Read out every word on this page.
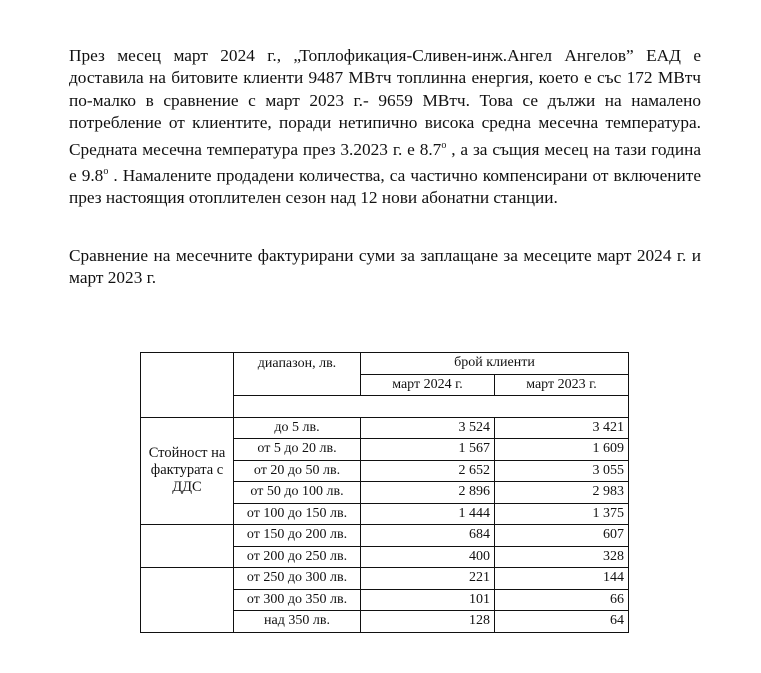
През месец март 2024 г., „Топлофикация-Сливен-инж.Ангел Ангелов” ЕАД е доставила на битовите клиенти 9487 МВтч топлинна енергия, което е със 172 МВтч по-малко в сравнение с март 2023 г.- 9659 МВтч. Това се дължи на намалено потребление от клиентите, поради нетипично висока средна месечна температура. Средната месечна температура през 3.2023 г. е $8.7^о$ , а за същия месец на тази година е $9.8^о$ . Намалените продадени количества, са частично компенсирани от включените през настоящия отоплителен сезон над 12 нови абонатни станции.

Сравнение на месечните фактурирани суми за заплащане за месеците март 2024 г. и март 2023 г.

	диапазон, лв.	брой клиенти	
		март 2024 г.	март 2023 г.

Стойност на фактурата с ДДС	до 5 лв.	3 524	3 421
	от 5 до 20 лв.	1 567	1 609
	от 20 до 50 лв.	2 652	3 055
	от 50 до 100 лв.	2 896	2 983
	от 100 до 150 лв.	1 444	1 375
	от 150 до 200 лв.	684	607
	от 200 до 250 лв.	400	328
	от 250 до 300 лв.	221	144
	от 300 до 350 лв.	101	66
	над 350 лв.	128	64
